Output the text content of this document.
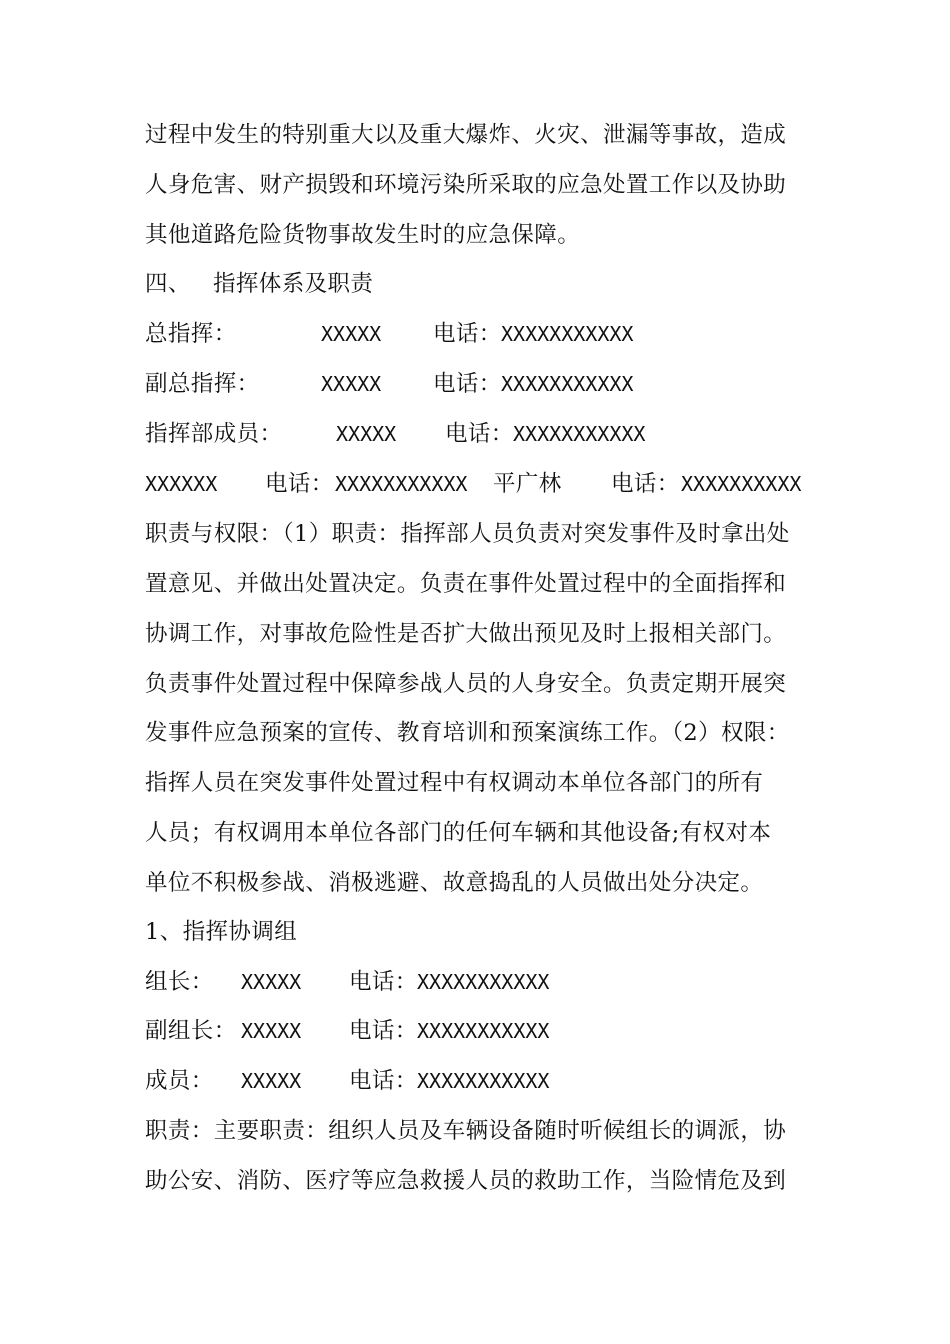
过程中发生的特别重大以及重大爆炸、火灾、泄漏等事故，造成
人身危害、财产损毁和环境污染所采取的应急处置工作以及协助
其他道路危险货物事故发生时的应急保障。
四、 指挥体系及职责
总指挥：	XXXXX 电话： XXXXXXXXXXX
副总指挥：	XXXXX 电话： XXXXXXXXXXX
指挥部成员：	XXXXX 电话： XXXXXXXXXXX
XXXXXX 电话： XXXXXXXXXXX 平广林 电话： XXXXXXXXXX
职责与权限：（1）职责：指挥部人员负责对突发事件及时拿出处
置意见、并做出处置决定。负责在事件处置过程中的全面指挥和
协调工作，对事故危险性是否扩大做出预见及时上报相关部门。
负责事件处置过程中保障参战人员的人身安全。负责定期开展突
发事件应急预案的宣传、教育培训和预案演练工作。（2）权限：
指挥人员在突发事件处置过程中有权调动本单位各部门的所有
人员；有权调用本单位各部门的任何车辆和其他设备;有权对本
单位不积极参战、消极逃避、故意捣乱的人员做出处分决定。
1、指挥协调组
组长： XXXXX 电话： XXXXXXXXXXX
副组长： XXXXX 电话： XXXXXXXXXXX
成员： XXXXX 电话： XXXXXXXXXXX
职责：主要职责：组织人员及车辆设备随时听候组长的调派，协
助公安、消防、医疗等应急救援人员的救助工作，当险情危及到
